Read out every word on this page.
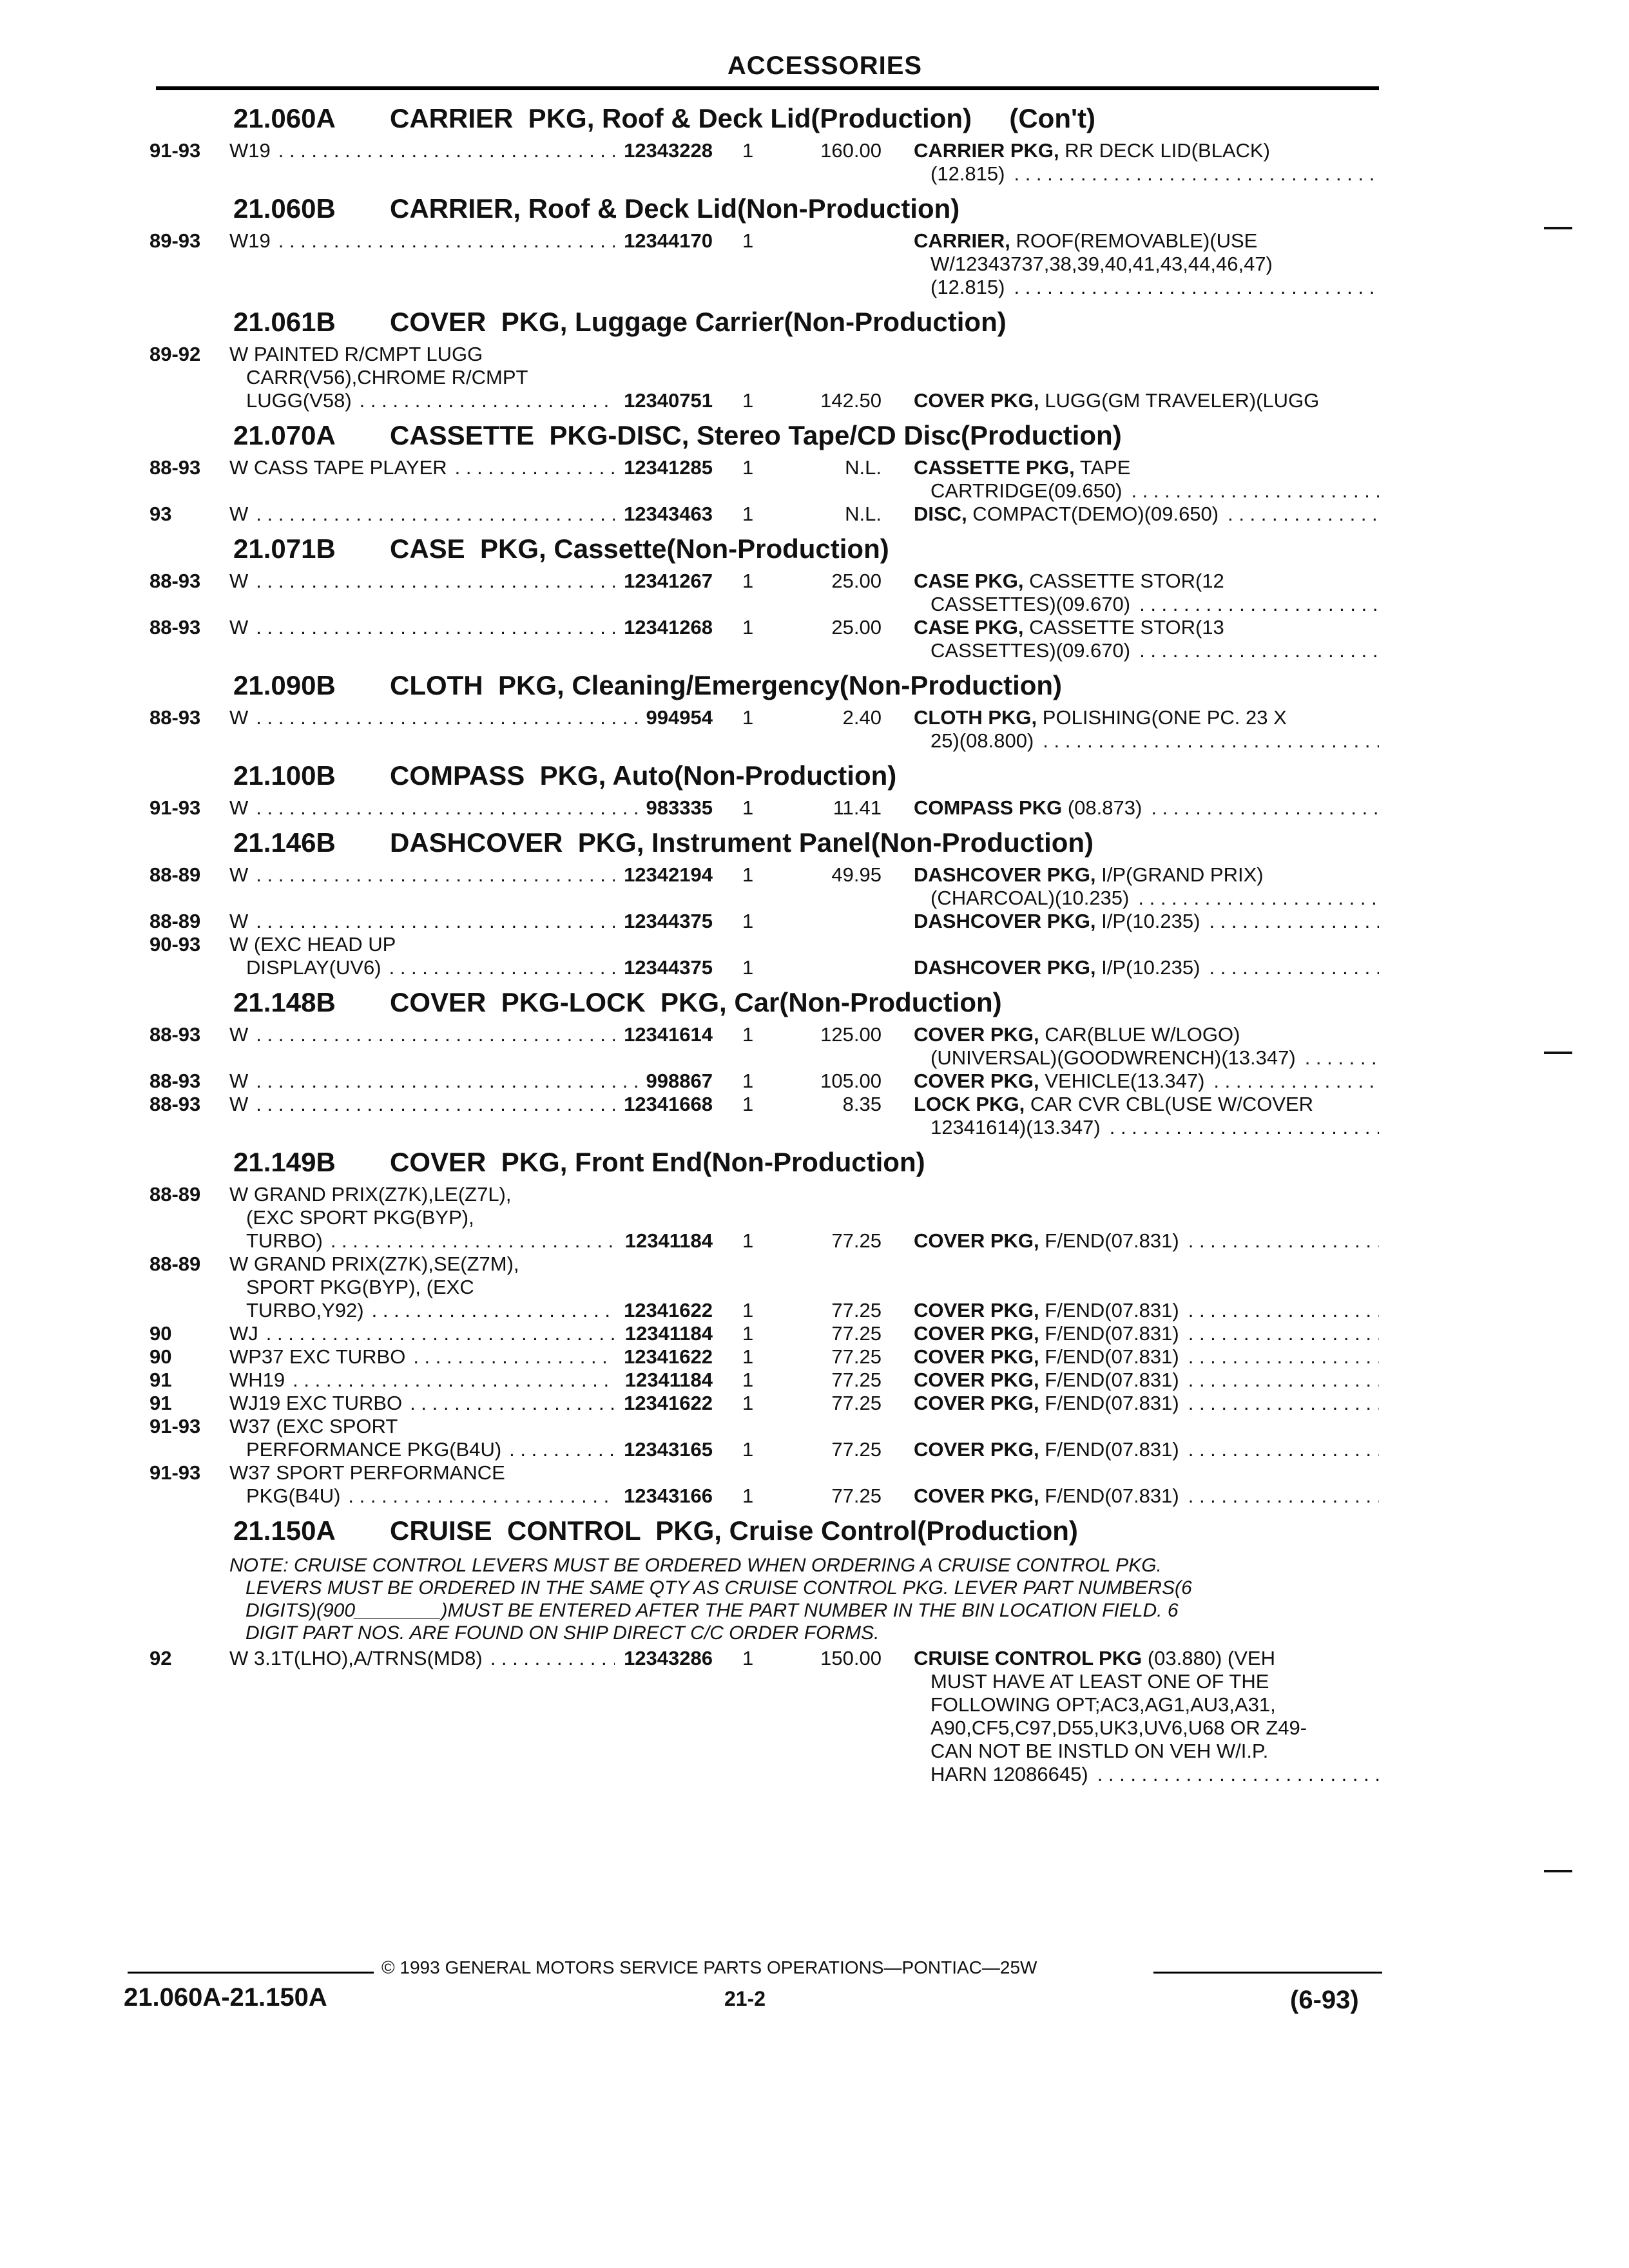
ACCESSORIES
21.060A CARRIER  PKG, Roof & Deck Lid(Production)     (Con't)
91-93 W19 . . .	12343228 1	160.00 CARRIER PKG, RR DECK LID(BLACK)
(12.815)
. . .
21.060B CARRIER, Roof & Deck Lid(Non-Production)
89-93 W19 . . .	12344170 1	CARRIER, ROOF(REMOVABLE)(USE
W/12343737,38,39,40,41,43,44,46,47)
(12.815)
. . .
21.061B COVER  PKG, Luggage Carrier(Non-Production)
89-92 W PAINTED R/CMPT LUGG
CARR(V56),CHROME R/CMPT
LUGG(V58) . . .	12340751 1	142.50 COVER PKG, LUGG(GM TRAVELER)(LUGG
21.070A CASSETTE  PKG-DISC, Stereo Tape/CD Disc(Production)
88-93 W CASS TAPE PLAYER . . .	12341285 1	N.L. CASSETTE PKG, TAPE
CARTRIDGE(09.650)
. . .
93	W . . .	12343463 1	N.L. DISC, COMPACT(DEMO)(09.650)
. . .
21.071B CASE  PKG, Cassette(Non-Production)
88-93 W . . .	12341267 1	25.00 CASE PKG, CASSETTE STOR(12
CASSETTES)(09.670)
. . .
88-93 W . . .	12341268 1	25.00 CASE PKG, CASSETTE STOR(13
CASSETTES)(09.670)
. . .
21.090B CLOTH  PKG, Cleaning/Emergency(Non-Production)
88-93 W . . .	994954 1	2.40 CLOTH PKG, POLISHING(ONE PC. 23 X
25)(08.800)
. . .
21.100B COMPASS  PKG, Auto(Non-Production)
91-93 W . . .	983335 1	11.41 COMPASS PKG (08.873)
. . .
21.146B DASHCOVER  PKG, Instrument Panel(Non-Production)
88-89 W . . .	12342194 1	49.95 DASHCOVER PKG, I/P(GRAND PRIX)
(CHARCOAL)(10.235)
. . .
88-89 W . . .	12344375 1	DASHCOVER PKG, I/P(10.235)
. . .
90-93 W (EXC HEAD UP
DISPLAY(UV6) . . .	12344375 1	DASHCOVER PKG, I/P(10.235)
. . .
21.148B COVER  PKG-LOCK  PKG, Car(Non-Production)
88-93 W . . .	12341614 1	125.00 COVER PKG, CAR(BLUE W/LOGO)
(UNIVERSAL)(GOODWRENCH)(13.347)
. . .
88-93 W . . .	998867 1	105.00 COVER PKG, VEHICLE(13.347)
. . .
88-93 W . . .	12341668 1	8.35 LOCK PKG, CAR CVR CBL(USE W/COVER
12341614)(13.347)
. . .
21.149B COVER  PKG, Front End(Non-Production)
88-89 W GRAND PRIX(Z7K),LE(Z7L),
(EXC SPORT PKG(BYP),
TURBO) . . .	12341184 1	77.25 COVER PKG, F/END(07.831)
. . .
88-89 W GRAND PRIX(Z7K),SE(Z7M),
SPORT PKG(BYP), (EXC
TURBO,Y92) . . .	12341622 1	77.25 COVER PKG, F/END(07.831)
. . .
90	WJ . . .	12341184 1	77.25 COVER PKG, F/END(07.831)
. . .
90	WP37 EXC TURBO . . .	12341622 1	77.25 COVER PKG, F/END(07.831)
. . .
91	WH19 . . .	12341184 1	77.25 COVER PKG, F/END(07.831)
. . .
91	WJ19 EXC TURBO . . .	12341622 1	77.25 COVER PKG, F/END(07.831)
. . .
91-93 W37 (EXC SPORT
PERFORMANCE PKG(B4U) . . .	12343165 1	77.25 COVER PKG, F/END(07.831)
. . .
91-93 W37 SPORT PERFORMANCE
PKG(B4U) . . .	12343166 1	77.25 COVER PKG, F/END(07.831)
. . .
21.150A CRUISE  CONTROL  PKG, Cruise Control(Production)
NOTE: CRUISE CONTROL LEVERS MUST BE ORDERED WHEN ORDERING A CRUISE CONTROL PKG.
LEVERS MUST BE ORDERED IN THE SAME QTY AS CRUISE CONTROL PKG. LEVER PART NUMBERS(6
DIGITS)(900________)MUST BE ENTERED AFTER THE PART NUMBER IN THE BIN LOCATION FIELD. 6
DIGIT PART NOS. ARE FOUND ON SHIP DIRECT C/C ORDER FORMS.
92	W 3.1T(LHO),A/TRNS(MD8) . . .	12343286 1	150.00 CRUISE CONTROL PKG (03.880) (VEH
MUST HAVE AT LEAST ONE OF THE
FOLLOWING OPT;AC3,AG1,AU3,A31,
A90,CF5,C97,D55,UK3,UV6,U68 OR Z49-
CAN NOT BE INSTLD ON VEH W/I.P.
HARN 12086645)
. . .
© 1993 GENERAL MOTORS SERVICE PARTS OPERATIONS—PONTIAC—25W
21.060A-21.150A	21-2	(6-93)
